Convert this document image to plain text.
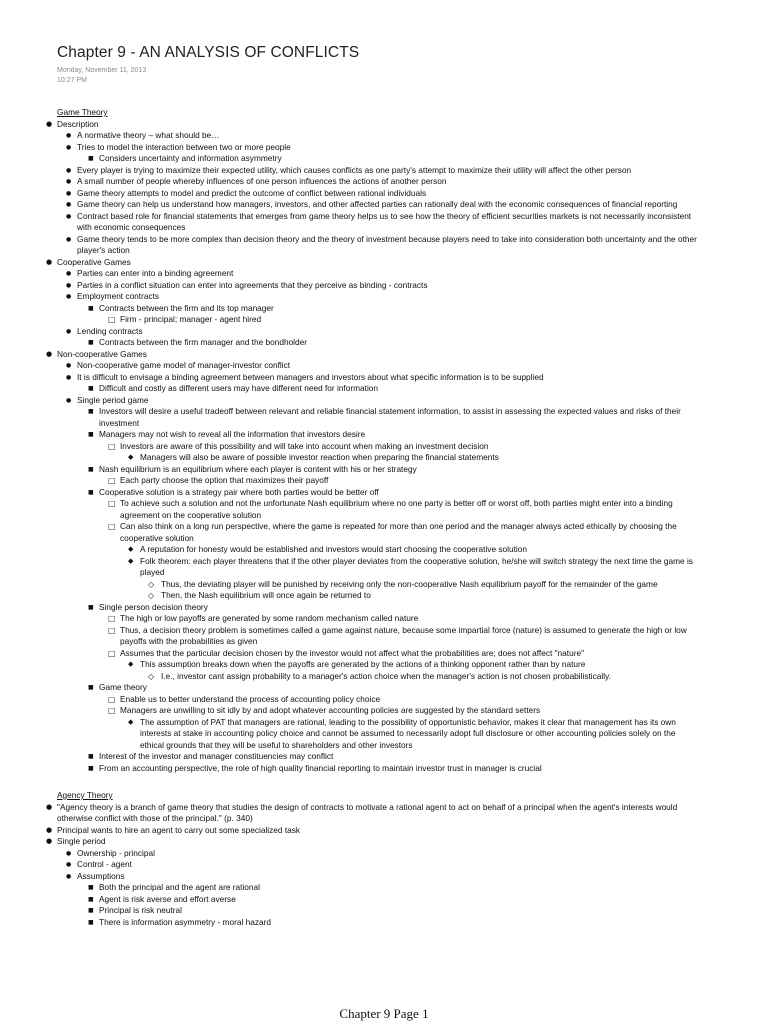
Chapter 9 - AN ANALYSIS OF CONFLICTS
Monday, November 11, 2013
10:27 PM
Game Theory
● Description
● A normative theory – what should be…
● Tries to model the interaction between two or more people
■ Considers uncertainty and information asymmetry
● Every player is trying to maximize their expected utility, which causes conflicts as one party's attempt to maximize their utility will affect the other person
● A small number of people whereby influences of one person influences the actions of another person
● Game theory attempts to model and predict the outcome of conflict between rational individuals
● Game theory can help us understand how managers, investors, and other affected parties can rationally deal with the economic consequences of financial reporting
● Contract based role for financial statements that emerges from game theory helps us to see how the theory of efficient securities markets is not necessarily inconsistent with economic consequences
● Game theory tends to be more complex than decision theory and the theory of investment because players need to take into consideration both uncertainty and the other player's action
● Cooperative Games
● Parties can enter into a binding agreement
● Parties in a conflict situation can enter into agreements that they perceive as binding - contracts
● Employment contracts
■ Contracts between the firm and its top manager
□ Firm - principal; manager - agent hired
● Lending contracts
■ Contracts between the firm manager and the bondholder
● Non-cooperative Games
● Non-cooperative game model of manager-investor conflict
● It is difficult to envisage a binding agreement between managers and investors about what specific information is to be supplied
■ Difficult and costly as different users may have different need for information
● Single period game
■ Investors will desire a useful tradeoff between relevant and reliable financial statement information, to assist in assessing the expected values and risks of their investment
■ Managers may not wish to reveal all the information that investors desire
□ Investors are aware of this possibility and will take into account when making an investment decision
◆ Managers will also be aware of possible investor reaction when preparing the financial statements
■ Nash equilibrium is an equilibrium where each player is content with his or her strategy
□ Each party choose the option that maximizes their payoff
■ Cooperative solution is a strategy pair where both parties would be better off
□ To achieve such a solution and not the unfortunate Nash equilibrium where no one party is better off or worst off, both parties might enter into a binding agreement on the cooperative solution
□ Can also think on a long run perspective, where the game is repeated for more than one period and the manager always acted ethically by choosing the cooperative solution
◆ A reputation for honesty would be established and investors would start choosing the cooperative solution
◆ Folk theorem: each player threatens that if the other player deviates from the cooperative solution, he/she will switch strategy the next time the game is played
◇ Thus, the deviating player will be punished by receiving only the non-cooperative Nash equilibrium payoff for the remainder of the game
◇ Then, the Nash equilibrium will once again be returned to
■ Single person decision theory
□ The high or low payoffs are generated by some random mechanism called nature
□ Thus, a decision theory problem is sometimes called a game against nature, because some impartial force (nature) is assumed to generate the high or low payoffs with the probabilities as given
□ Assumes that the particular decision chosen by the investor would not affect what the probabilities are; does not affect "nature"
◆ This assumption breaks down when the payoffs are generated by the actions of a thinking opponent rather than by nature
◇ I.e., investor cant assign probability to a manager's action choice when the manager's action is not chosen probabilistically.
■ Game theory
□ Enable us to better understand the process of accounting policy choice
□ Managers are unwilling to sit idly by and adopt whatever accounting policies are suggested by the standard setters
◆ The assumption of PAT that managers are rational, leading to the possibility of opportunistic behavior, makes it clear that management has its own interests at stake in accounting policy choice and cannot be assumed to necessarily adopt full disclosure or other accounting policies solely on the ethical grounds that they will be useful to shareholders and other investors
■ Interest of the investor and manager constituencies may conflict
■ From an accounting perspective, the role of high quality financial reporting to maintain investor trust in manager is crucial
Agency Theory
● "Agency theory is a branch of game theory that studies the design of contracts to motivate a rational agent to act on behalf of a principal when the agent's interests would otherwise conflict with those of the principal." (p. 340)
● Principal wants to hire an agent to carry out some specialized task
● Single period
● Ownership - principal
● Control - agent
● Assumptions
■ Both the principal and the agent are rational
■ Agent is risk averse and effort averse
■ Principal is risk neutral
■ There is information asymmetry - moral hazard
Chapter 9 Page 1
